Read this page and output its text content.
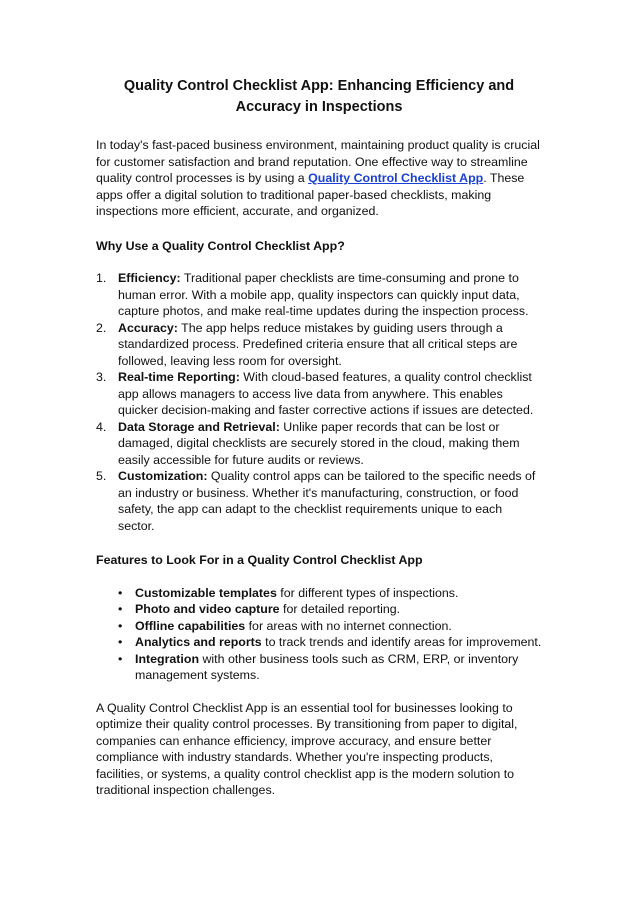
Quality Control Checklist App: Enhancing Efficiency and Accuracy in Inspections

In today's fast-paced business environment, maintaining product quality is crucial for customer satisfaction and brand reputation. One effective way to streamline quality control processes is by using a Quality Control Checklist App. These apps offer a digital solution to traditional paper-based checklists, making inspections more efficient, accurate, and organized.

Why Use a Quality Control Checklist App?
1. Efficiency: Traditional paper checklists are time-consuming and prone to human error. With a mobile app, quality inspectors can quickly input data, capture photos, and make real-time updates during the inspection process.
2. Accuracy: The app helps reduce mistakes by guiding users through a standardized process. Predefined criteria ensure that all critical steps are followed, leaving less room for oversight.
3. Real-time Reporting: With cloud-based features, a quality control checklist app allows managers to access live data from anywhere. This enables quicker decision-making and faster corrective actions if issues are detected.
4. Data Storage and Retrieval: Unlike paper records that can be lost or damaged, digital checklists are securely stored in the cloud, making them easily accessible for future audits or reviews.
5. Customization: Quality control apps can be tailored to the specific needs of an industry or business. Whether it's manufacturing, construction, or food safety, the app can adapt to the checklist requirements unique to each sector.
Features to Look For in a Quality Control Checklist App
• Customizable templates for different types of inspections.
• Photo and video capture for detailed reporting.
• Offline capabilities for areas with no internet connection.
• Analytics and reports to track trends and identify areas for improvement.
• Integration with other business tools such as CRM, ERP, or inventory management systems.

A Quality Control Checklist App is an essential tool for businesses looking to optimize their quality control processes. By transitioning from paper to digital, companies can enhance efficiency, improve accuracy, and ensure better compliance with industry standards. Whether you're inspecting products, facilities, or systems, a quality control checklist app is the modern solution to traditional inspection challenges.
